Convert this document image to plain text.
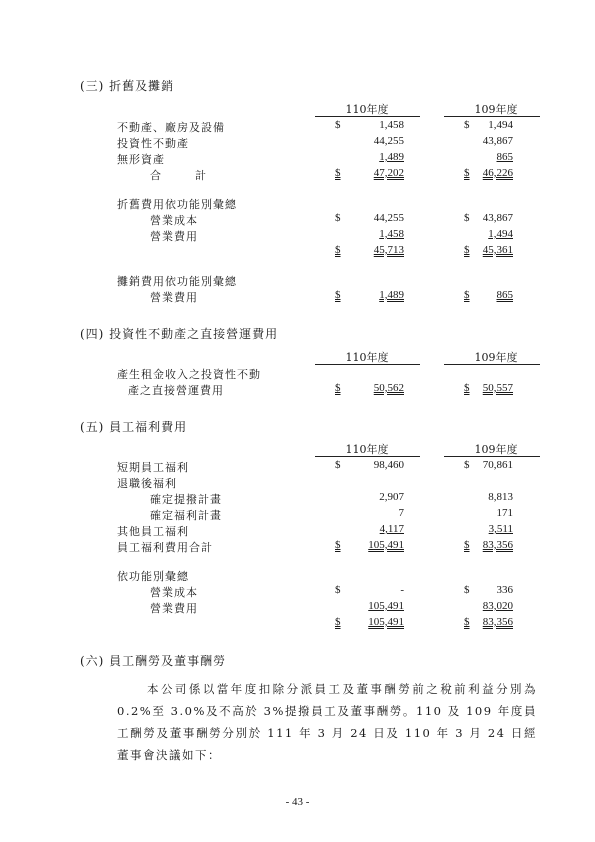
(三) 折舊及攤銷
110年度	109年度
不動產、廠房及設備	$	1,458	$	1,494
投資性不動產	44,255	43,867
無形資產	1,489	865
合　　計	$	47,202	$	46,226
折舊費用依功能別彙總
營業成本	$	44,255	$	43,867
營業費用	1,458	1,494
$	45,713	$	45,361
攤銷費用依功能別彙總
營業費用	$	1,489	$	865
(四) 投資性不動產之直接營運費用
110年度	109年度
產生租金收入之投資性不動
產之直接營運費用	$	50,562	$	50,557
(五) 員工福利費用
110年度	109年度
短期員工福利	$	98,460	$	70,861
退職後福利
確定提撥計畫	2,907	8,813
確定福利計畫	7	171
其他員工福利	4,117	3,511
員工福利費用合計	$	105,491	$	83,356
依功能別彙總
營業成本	$	-	$	336
營業費用	105,491	83,020
$	105,491	$	83,356
(六) 員工酬勞及董事酬勞
本公司係以當年度扣除分派員工及董事酬勞前之稅前利益分別為 0.2%至 3.0%及不高於 3%提撥員工及董事酬勞。110 及 109 年度員工酬勞及董事酬勞分別於 111 年 3 月 24 日及 110 年 3 月 24 日經董事會決議如下：
- 43 -
